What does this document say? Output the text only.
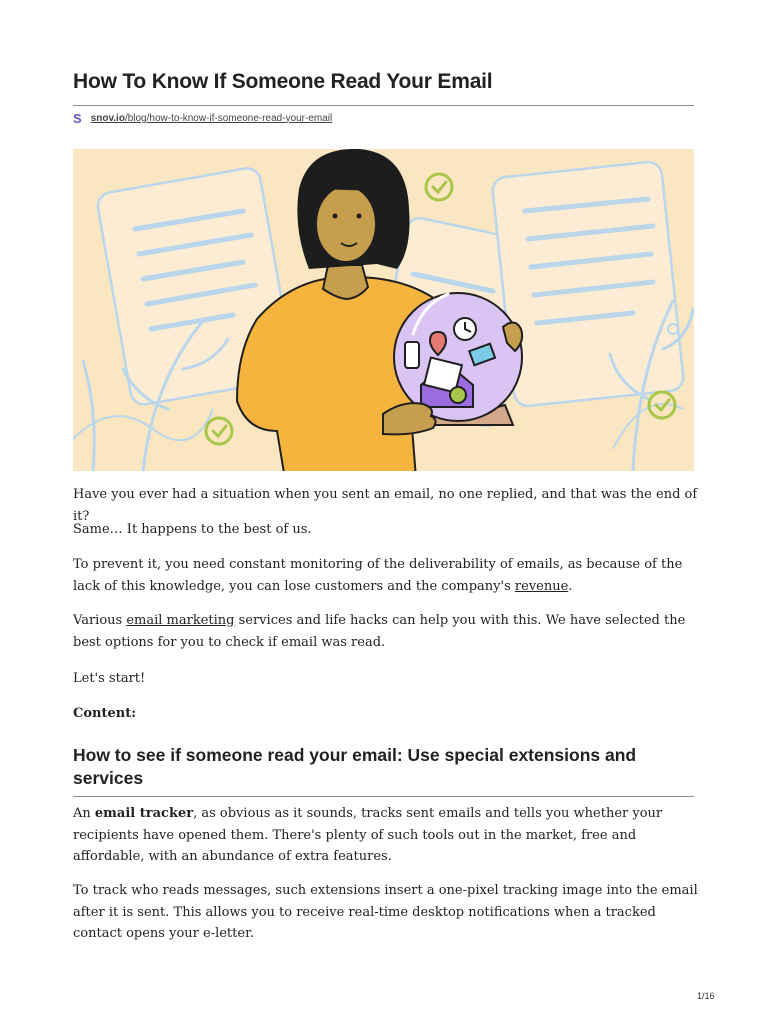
How To Know If Someone Read Your Email
S snov.io/blog/how-to-know-if-someone-read-your-email

Have you ever had a situation when you sent an email, no one replied, and that was the end of it?

Same… It happens to the best of us.

To prevent it, you need constant monitoring of the deliverability of emails, as because of the lack of this knowledge, you can lose customers and the company's revenue.

Various email marketing services and life hacks can help you with this. We have selected the best options for you to check if email was read.

Let's start!

Content:

How to see if someone read your email: Use special extensions and services

An email tracker, as obvious as it sounds, tracks sent emails and tells you whether your recipients have opened them. There's plenty of such tools out in the market, free and affordable, with an abundance of extra features.

To track who reads messages, such extensions insert a one-pixel tracking image into the email after it is sent. This allows you to receive real-time desktop notifications when a tracked contact opens your e-letter.

1/16
